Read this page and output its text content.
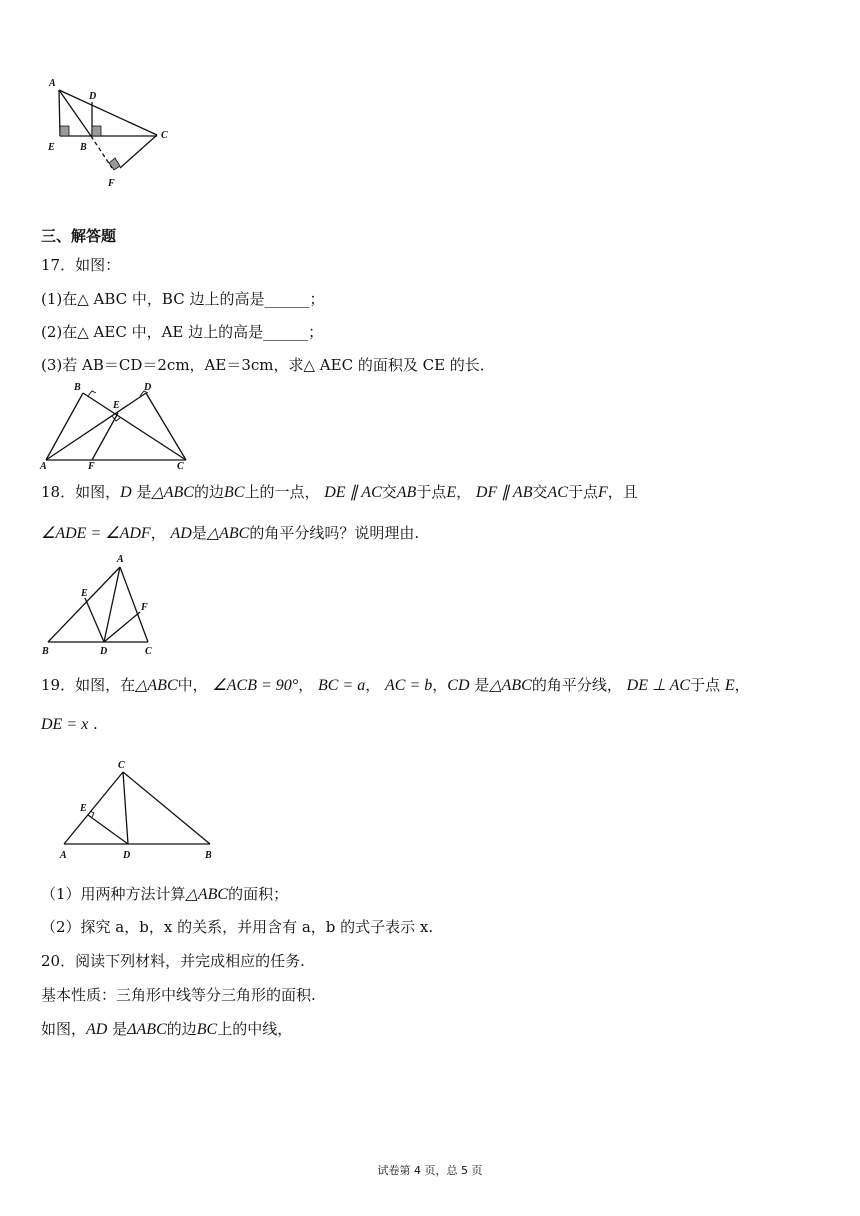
A
D
C
E	B
F
三、解答题
17．如图：
(1)在△ ABC 中，BC 边上的高是______；
(2)在△ AEC 中，AE 边上的高是______；
(3)若 AB＝CD＝2cm，AE＝3cm，求△ AEC 的面积及 CE 的长．
B	D
E
A	F	C
18．如图，D 是△ABC的边BC上的一点， DE ∥ AC交AB于点E， DF ∥ AB交AC于点F，且
∠ADE = ∠ADF， AD是△ABC的角平分线吗？说明理由.
A
E
F
B	D	C
19．如图，在△ABC中， ∠ACB = 90°， BC = a， AC = b，CD 是△ABC的角平分线， DE ⊥ AC于点 E，
DE = x .
C
E
A	D	B
（1）用两种方法计算△ABC的面积；
（2）探究 a，b，x 的关系，并用含有 a，b 的式子表示 x.
20．阅读下列材料，并完成相应的任务.
基本性质：三角形中线等分三角形的面积.
如图，AD 是ΔABC的边BC上的中线，
试卷第 4 页，总 5 页
